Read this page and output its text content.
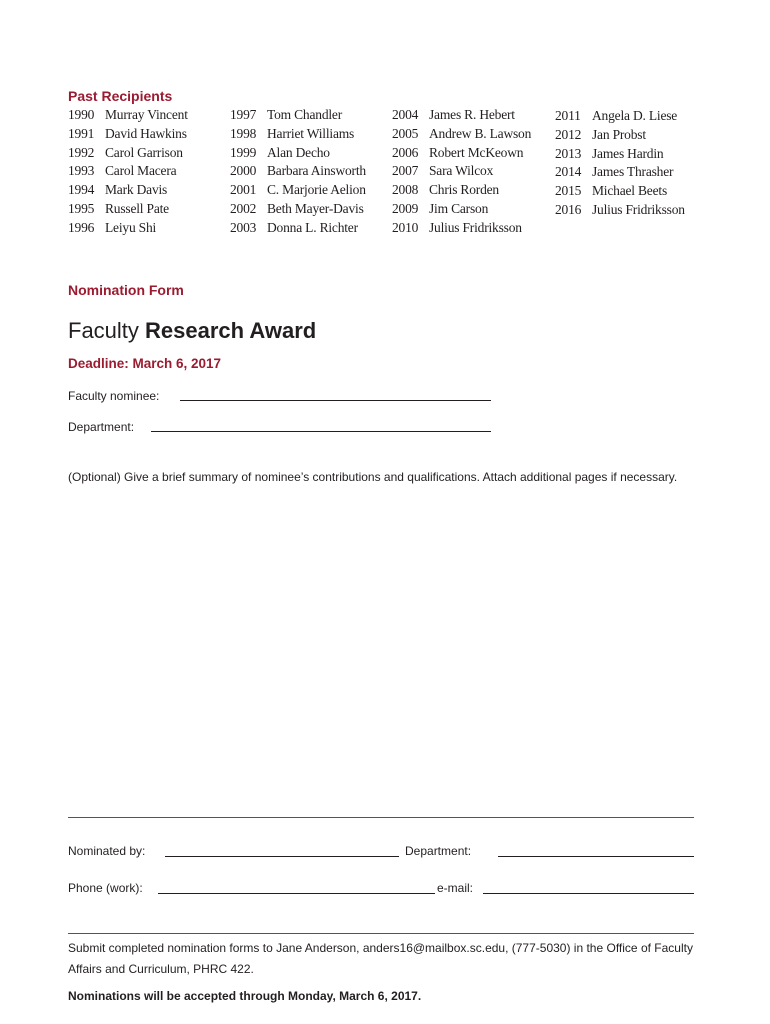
Past Recipients
1990 Murray Vincent
1991 David Hawkins
1992 Carol Garrison
1993 Carol Macera
1994 Mark Davis
1995 Russell Pate
1996 Leiyu Shi
1997 Tom Chandler
1998 Harriet Williams
1999 Alan Decho
2000 Barbara Ainsworth
2001 C. Marjorie Aelion
2002 Beth Mayer-Davis
2003 Donna L. Richter
2004 James R. Hebert
2005 Andrew B. Lawson
2006 Robert McKeown
2007 Sara Wilcox
2008 Chris Rorden
2009 Jim Carson
2010 Julius Fridriksson
2011 Angela D. Liese
2012 Jan Probst
2013 James Hardin
2014 James Thrasher
2015 Michael Beets
2016 Julius Fridriksson
Nomination Form
Faculty Research Award
Deadline: March 6, 2017
Faculty nominee:
Department:

(Optional) Give a brief summary of nominee’s contributions and qualifications. Attach additional pages if necessary.

Nominated by:	Department:
Phone (work):	e-mail:

Submit completed nomination forms to Jane Anderson, anders16@mailbox.sc.edu, (777-5030) in the Office of Faculty Affairs and Curriculum, PHRC 422.

Nominations will be accepted through Monday, March 6, 2017.
